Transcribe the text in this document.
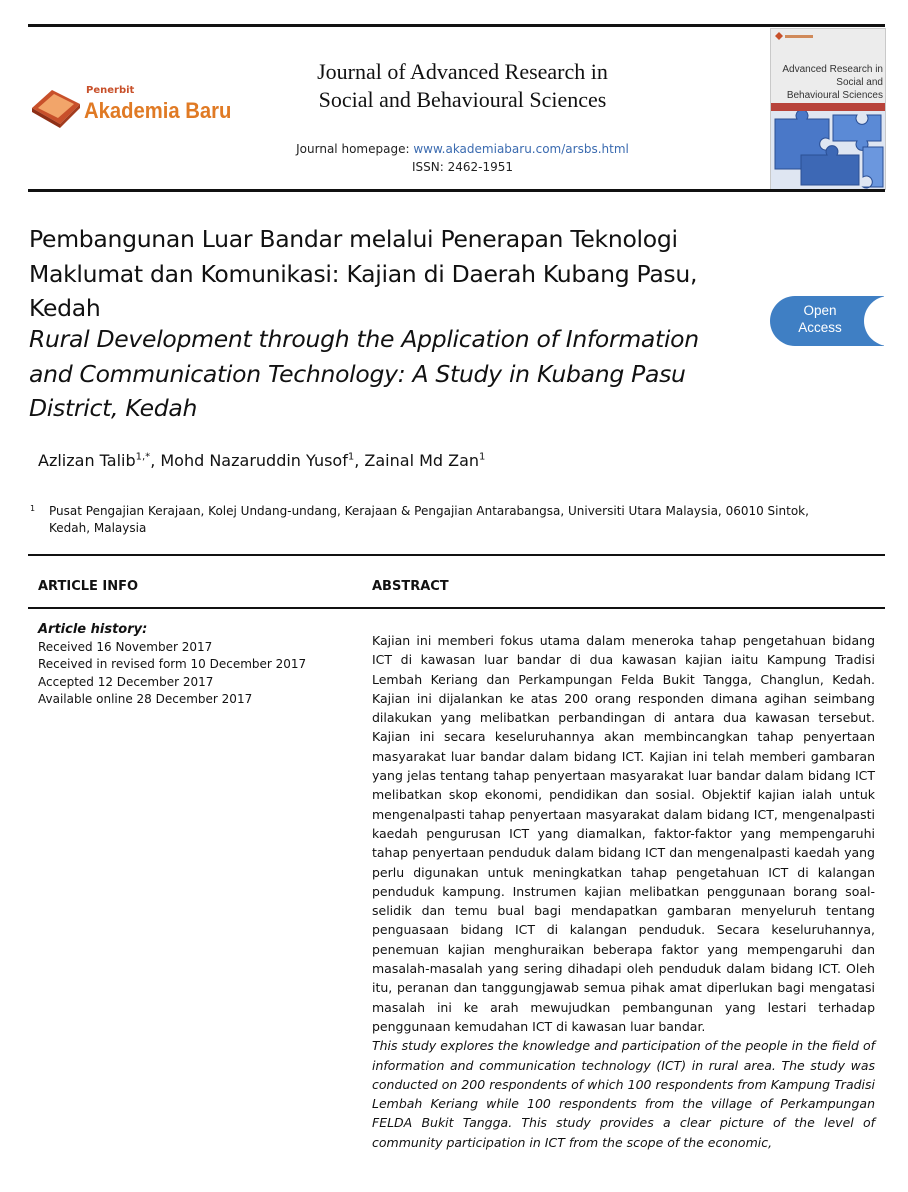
Penerbit
Akademia Baru
Journal of Advanced Research in
Social and Behavioural Sciences
Journal homepage: www.akademiabaru.com/arsbs.html
ISSN: 2462-1951
Advanced Research in
Social and
Behavioural Sciences
Pembangunan Luar Bandar melalui Penerapan Teknologi
Maklumat dan Komunikasi: Kajian di Daerah Kubang Pasu,
Kedah
Rural Development through the Application of Information
and Communication Technology: A Study in Kubang Pasu
District, Kedah
Open
Access
Azlizan Talib$^{1,*}$, Mohd Nazaruddin Yusof$^1$, Zainal Md Zan$^1$
1 Pusat Pengajian Kerajaan, Kolej Undang-undang, Kerajaan & Pengajian Antarabangsa, Universiti Utara Malaysia, 06010 Sintok, Kedah, Malaysia
ARTICLE INFO	ABSTRACT
Article history:
Received 16 November 2017
Received in revised form 10 December 2017
Accepted 12 December 2017
Available online 28 December 2017

Kajian ini memberi fokus utama dalam meneroka tahap pengetahuan bidang ICT di kawasan luar bandar di dua kawasan kajian iaitu Kampung Tradisi Lembah Keriang dan Perkampungan Felda Bukit Tangga, Changlun, Kedah. Kajian ini dijalankan ke atas 200 orang responden dimana agihan seimbang dilakukan yang melibatkan perbandingan di antara dua kawasan tersebut. Kajian ini secara keseluruhannya akan membincangkan tahap penyertaan masyarakat luar bandar dalam bidang ICT. Kajian ini telah memberi gambaran yang jelas tentang tahap penyertaan masyarakat luar bandar dalam bidang ICT melibatkan skop ekonomi, pendidikan dan sosial. Objektif kajian ialah untuk mengenalpasti tahap penyertaan masyarakat dalam bidang ICT, mengenalpasti kaedah pengurusan ICT yang diamalkan, faktor-faktor yang mempengaruhi tahap penyertaan penduduk dalam bidang ICT dan mengenalpasti kaedah yang perlu digunakan untuk meningkatkan tahap pengetahuan ICT di kalangan penduduk kampung. Instrumen kajian melibatkan penggunaan borang soal-selidik dan temu bual bagi mendapatkan gambaran menyeluruh tentang penguasaan bidang ICT di kalangan penduduk. Secara keseluruhannya, penemuan kajian menghuraikan beberapa faktor yang mempengaruhi dan masalah-masalah yang sering dihadapi oleh penduduk dalam bidang ICT. Oleh itu, peranan dan tanggungjawab semua pihak amat diperlukan bagi mengatasi masalah ini ke arah mewujudkan pembangunan yang lestari terhadap penggunaan kemudahan ICT di kawasan luar bandar.

This study explores the knowledge and participation of the people in the field of information and communication technology (ICT) in rural area. The study was conducted on 200 respondents of which 100 respondents from Kampung Tradisi Lembah Keriang while 100 respondents from the village of Perkampungan FELDA Bukit Tangga. This study provides a clear picture of the level of community participation in ICT from the scope of the economic,
